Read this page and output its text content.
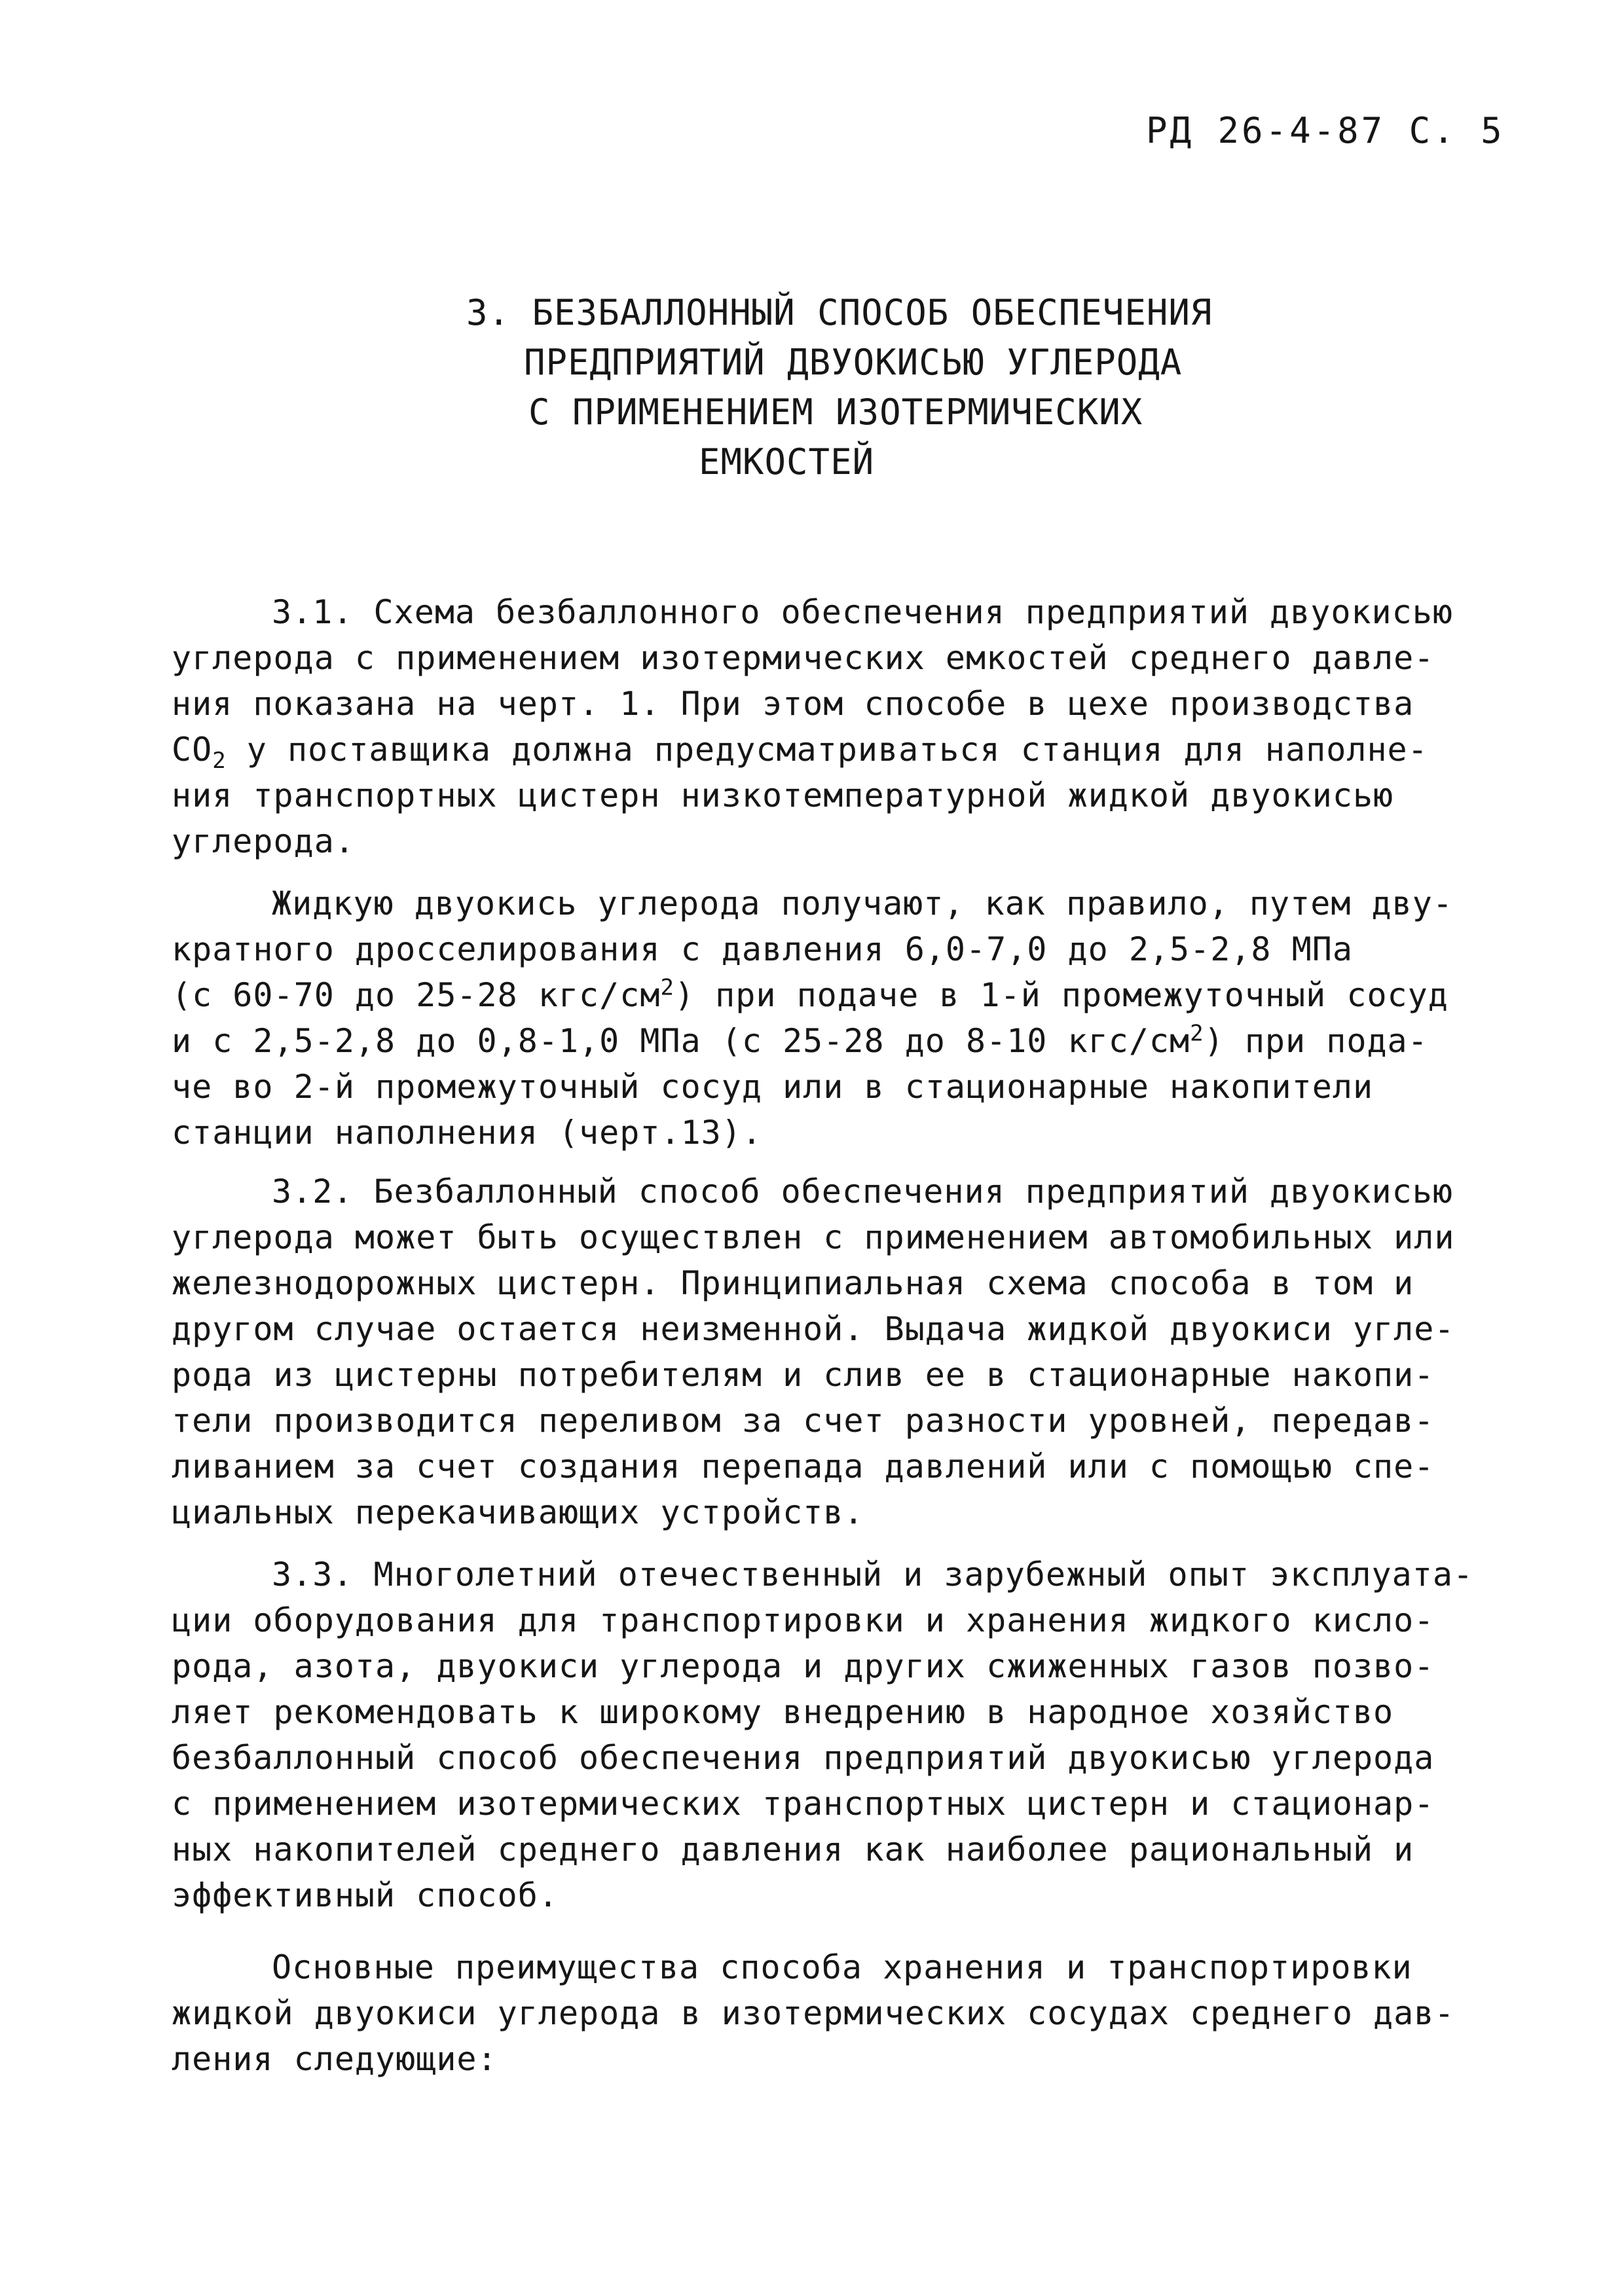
РД 26-4-87 С. 5
3. БЕЗБАЛЛОННЫЙ СПОСОБ ОБЕСПЕЧЕНИЯ
ПРЕДПРИЯТИЙ ДВУОКИСЬЮ УГЛЕРОДА
С ПРИМЕНЕНИЕМ ИЗОТЕРМИЧЕСКИХ
ЕМКОСТЕЙ
3.1. Схема безбаллонного обеспечения предприятий двуокисью
углерода с применением изотермических емкостей среднего давле-
ния показана на черт. 1. При этом способе в цехе производства
$CO_2$ у поставщика должна предусматриваться станция для наполне-
ния транспортных цистерн низкотемпературной жидкой двуокисью
углерода.
Жидкую двуокись углерода получают, как правило, путем дву-
кратного дросселирования с давления 6,0-7,0 до 2,5-2,8 МПа
(с 60-70 до 25-28 кгс/$см^2$) при подаче в 1-й промежуточный сосуд
и с 2,5-2,8 до 0,8-1,0 МПа (с 25-28 до 8-10 кгс/$см^2$) при пода-
че во 2-й промежуточный сосуд или в стационарные накопители
станции наполнения (черт.13).
3.2. Безбаллонный способ обеспечения предприятий двуокисью
углерода может быть осуществлен с применением автомобильных или
железнодорожных цистерн. Принципиальная схема способа в том и
другом случае остается неизменной. Выдача жидкой двуокиси угле-
рода из цистерны потребителям и слив ее в стационарные накопи-
тели производится переливом за счет разности уровней, передав-
ливанием за счет создания перепада давлений или с помощью спе-
циальных перекачивающих устройств.
3.3. Многолетний отечественный и зарубежный опыт эксплуата-
ции оборудования для транспортировки и хранения жидкого кисло-
рода, азота, двуокиси углерода и других сжиженных газов позво-
ляет рекомендовать к широкому внедрению в народное хозяйство
безбаллонный способ обеспечения предприятий двуокисью углерода
с применением изотермических транспортных цистерн и стационар-
ных накопителей среднего давления как наиболее рациональный и
эффективный способ.
Основные преимущества способа хранения и транспортировки
жидкой двуокиси углерода в изотермических сосудах среднего дав-
ления следующие:
